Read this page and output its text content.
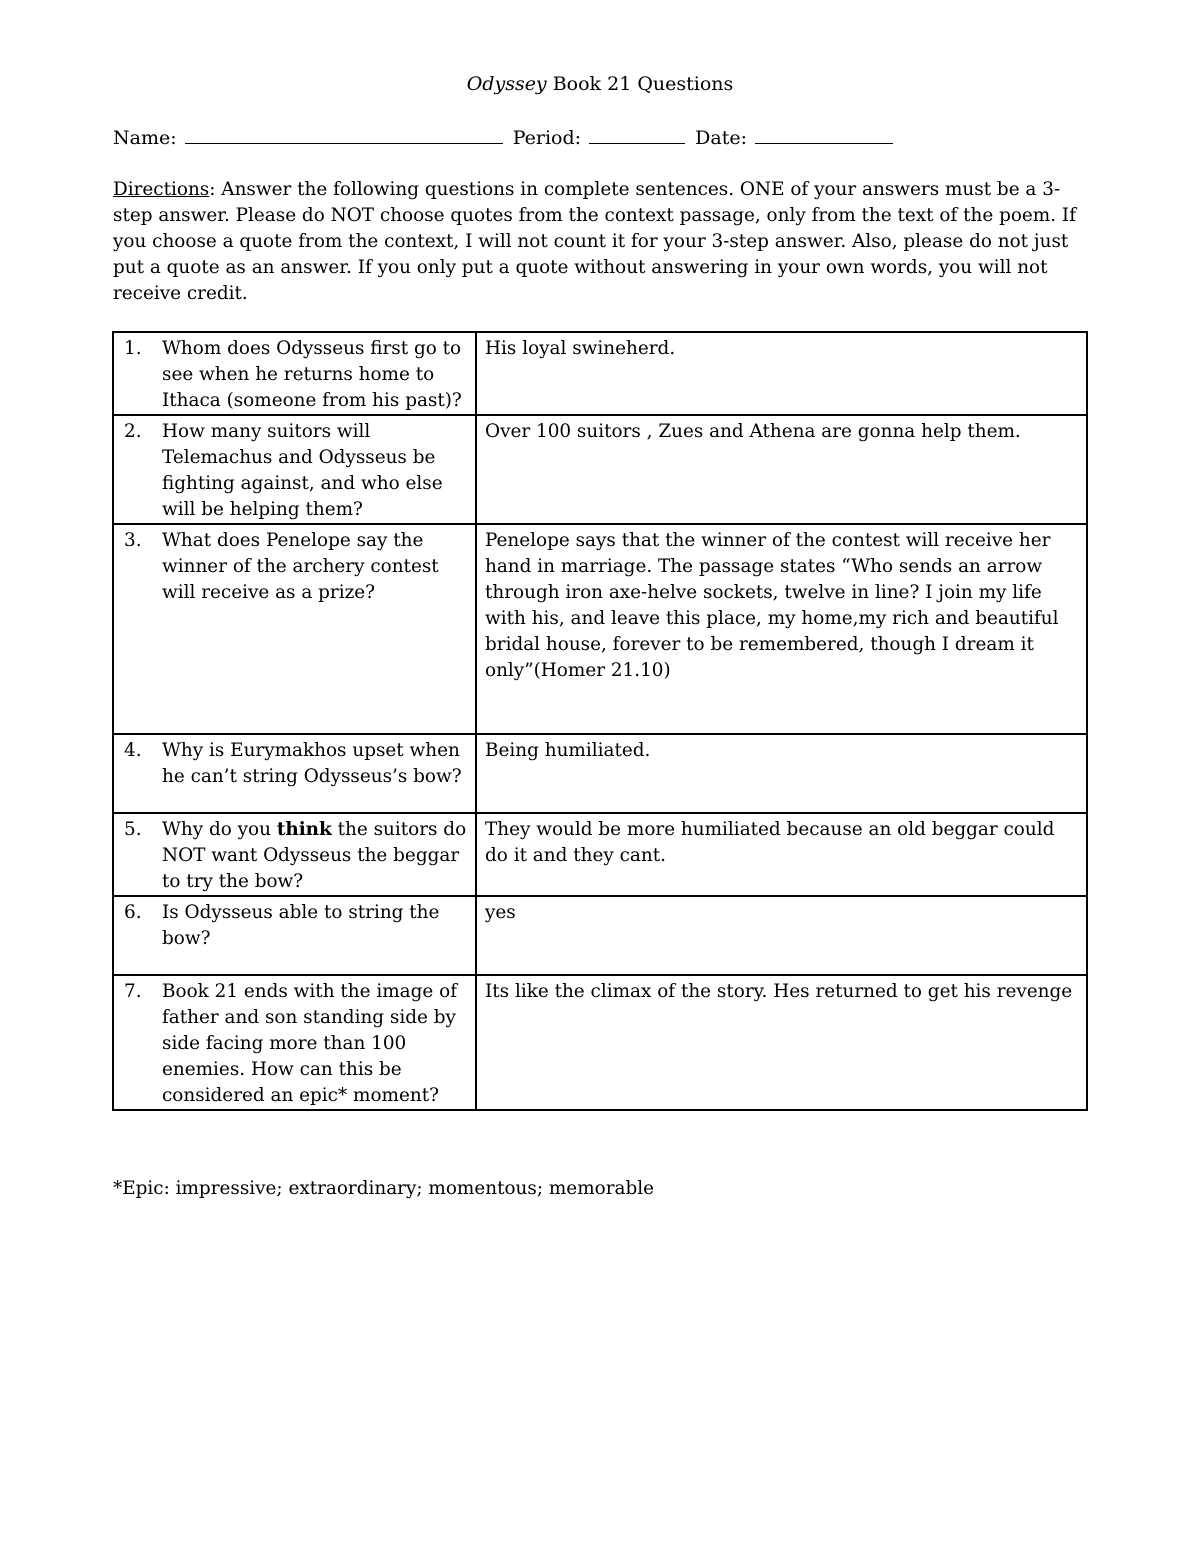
Odyssey Book 21 Questions
Name:	Period:	Date:
Directions: Answer the following questions in complete sentences. ONE of your answers must be a 3-step answer. Please do NOT choose quotes from the context passage, only from the text of the poem. If you choose a quote from the context, I will not count it for your 3-step answer. Also, please do not just put a quote as an answer. If you only put a quote without answering in your own words, you will not receive credit.
1. Whom does Odysseus first go to see when he returns home to Ithaca (someone from his past)?	His loyal swineherd.

2. How many suitors will Telemachus and Odysseus be fighting against, and who else will be helping them?	Over 100 suitors , Zues and Athena are gonna help them.

3. What does Penelope say the winner of the archery contest will receive as a prize?	Penelope says that the winner of the contest will receive her hand in marriage. The passage states “Who sends an arrow through iron axe-helve sockets, twelve in line? I join my life with his, and leave this place, my home,my rich and beautiful bridal house, forever to be remembered, though I dream it only”(Homer 21.10)

4. Why is Eurymakhos upset when he can’t string Odysseus’s bow?	Being humiliated.

5. Why do you think the suitors do NOT want Odysseus the beggar to try the bow?	They would be more humiliated because an old beggar could do it and they cant.

6. Is Odysseus able to string the bow?	yes

7. Book 21 ends with the image of father and son standing side by side facing more than 100 enemies. How can this be considered an epic* moment?	Its like the climax of the story. Hes returned to get his revenge
*Epic: impressive; extraordinary; momentous; memorable
